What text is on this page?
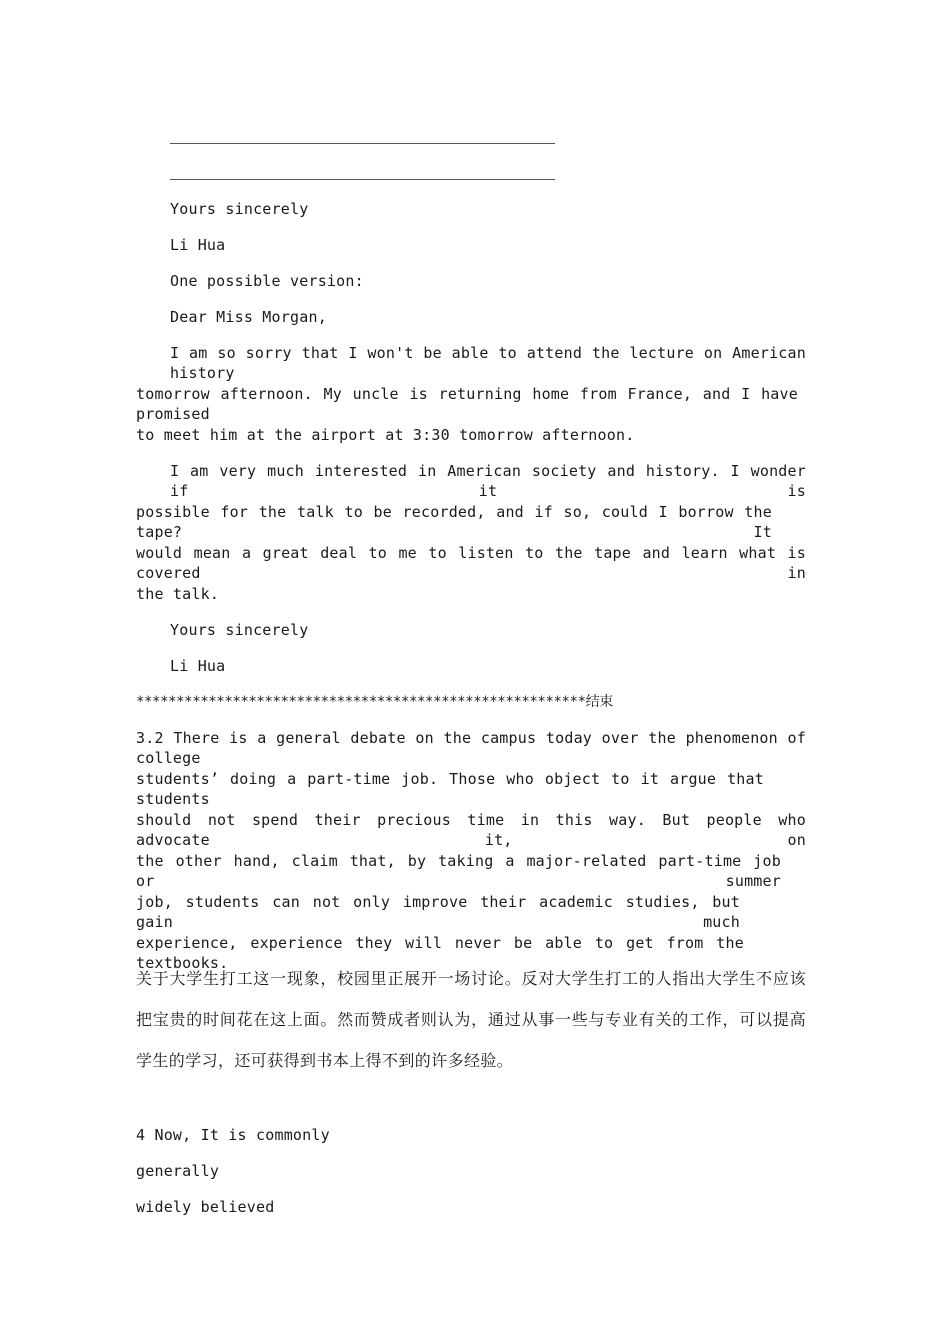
Yours sincerely
Li Hua
One possible version:
Dear Miss Morgan,
I am so sorry that I won't be able to attend the lecture on American history
tomorrow afternoon. My uncle is returning home from France, and I have promised
to meet him at the airport at 3:30 tomorrow afternoon.
I am very much interested in American society and history. I wonder if it is
possible for the talk to be recorded, and if so, could I borrow the tape? It
would mean a great deal to me to listen to the tape and learn what is covered in
the talk.
Yours sincerely
Li Hua
********************************************************结束
3.2 There is a general debate on the campus today over the phenomenon of college
students’ doing a part-time job. Those who object to it argue that students
should not spend their precious time in this way. But people who advocate it, on
the other hand, claim that, by taking a major-related part-time job or summer
job, students can not only improve their academic studies, but gain much
experience, experience they will never be able to get from the textbooks.
关于大学生打工这一现象，校园里正展开一场讨论。反对大学生打工的人指出大学生不应该
把宝贵的时间花在这上面。然而赞成者则认为，通过从事一些与专业有关的工作，可以提高
学生的学习，还可获得到书本上得不到的许多经验。
4 Now, It is commonly
generally
widely believed
